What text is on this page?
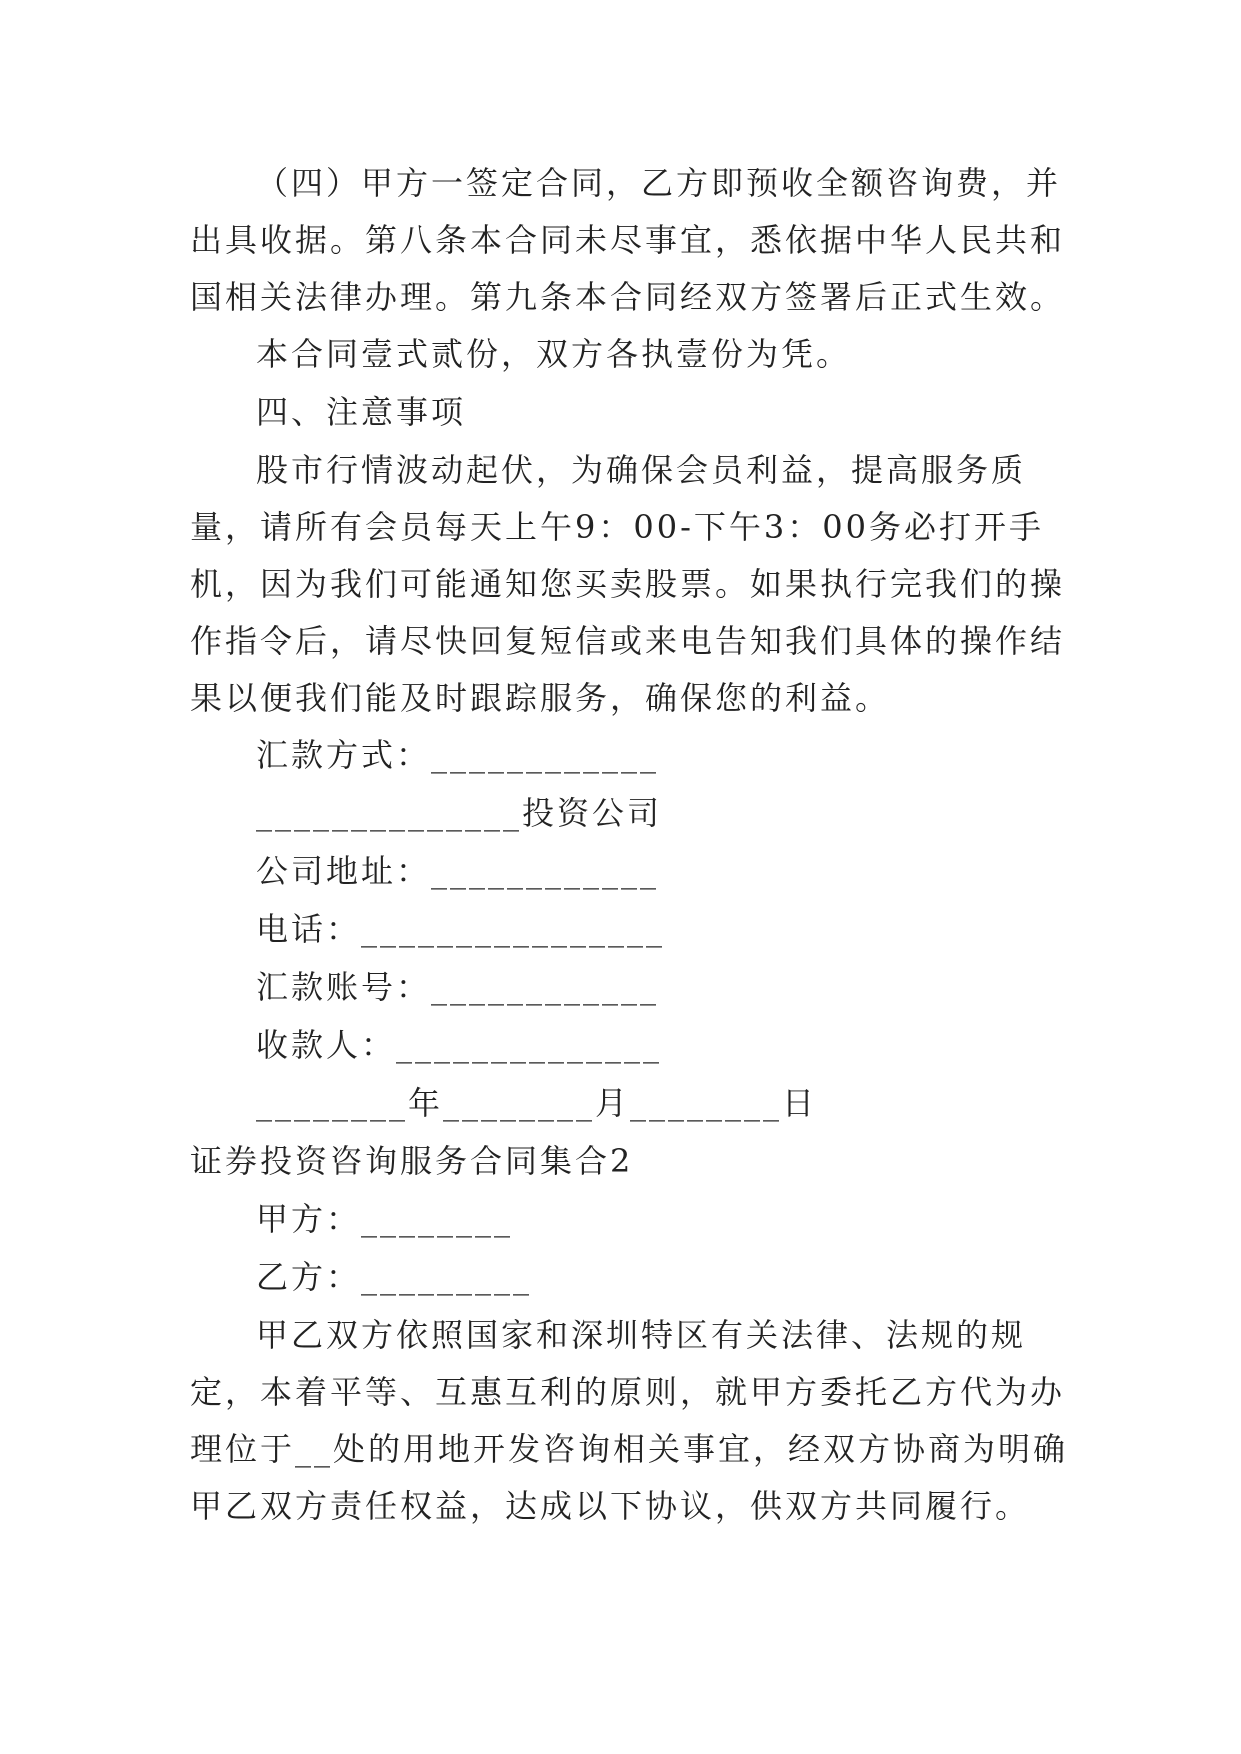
（四）甲方一签定合同，乙方即预收全额咨询费，并出具收据。第八条本合同未尽事宜，悉依据中华人民共和国相关法律办理。第九条本合同经双方签署后正式生效。

本合同壹式贰份，双方各执壹份为凭。

四、注意事项

股市行情波动起伏，为确保会员利益，提高服务质量，请所有会员每天上午9：00-下午3：00务必打开手机，因为我们可能通知您买卖股票。如果执行完我们的操作指令后，请尽快回复短信或来电告知我们具体的操作结果以便我们能及时跟踪服务，确保您的利益。

汇款方式：____________

______________投资公司

公司地址：____________

电话：________________

汇款账号：____________

收款人：______________

________年________月________日

证券投资咨询服务合同集合2

甲方：________

乙方：_________

甲乙双方依照国家和深圳特区有关法律、法规的规定，本着平等、互惠互利的原则，就甲方委托乙方代为办理位于__处的用地开发咨询相关事宜，经双方协商为明确甲乙双方责任权益，达成以下协议，供双方共同履行。
